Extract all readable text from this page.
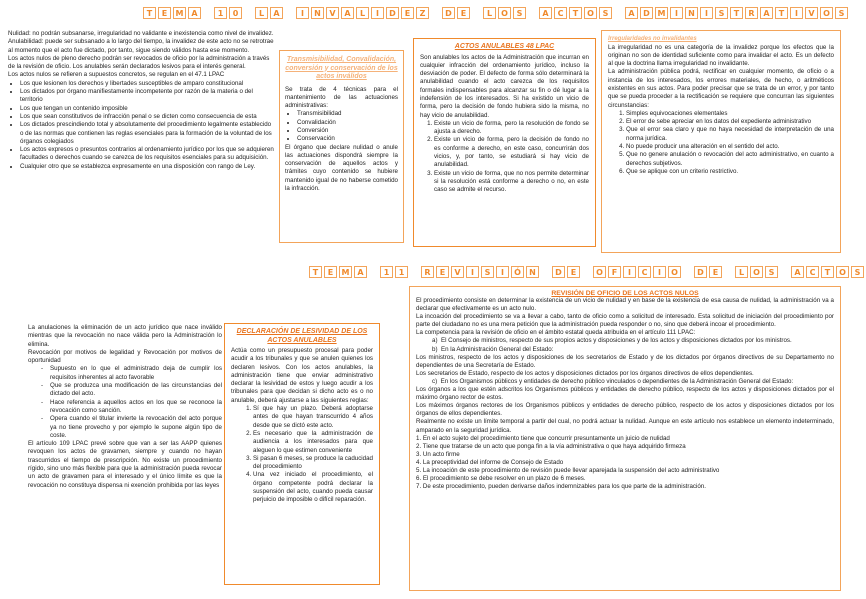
T	E	M A	1	0	L	A	I	N	V	A	L	I	D	E	Z	D	E	L	O	S	A	C	T	O	S	A	D M	I	N	I	S	T	R	A	T	I	V	O	S
T	E	M A	1	1	R	E	V	I	S	I	Ó	N	D	E	O	F	I	C	I	O	D	E	L	O	S	A	C	T	O	S

Nulidad: no podrán subsanarse, irregularidad no validante e inexistencia como nivel de invalidez.

Anulabilidad: puede ser subsanado a lo largo del tiempo, la invalidez de este acto no se retrotrae al momento que el acto fue dictado, por tanto, sigue siendo válidos hasta ese momento.

Los actos nulos de pleno derecho podrán ser revocados de oficio por la administración a través de la revisión de oficio. Los anulables serán declarados lesivos para el interés general.

Los actos nulos se refieren a supuestos concretos, se regulan en el 47.1 LPAC

• Los que lesionen los derechos y libertades susceptibles de amparo constitucional
• Los dictados por órgano manifiestamente incompetente por razón de la materia o del territorio
• Los que tengan un contenido imposible
• Los que sean constitutivos de infracción penal o se dicten como consecuencia de esta
• Los dictados prescindiendo total y absolutamente del procedimiento legalmente establecido o de las normas que contienen las reglas esenciales para la formación de la voluntad de los órganos colegiados
• Los actos expresos o presuntos contrarios al ordenamiento jurídico por los que se adquieren facultades o derechos cuando se carezca de los requisitos esenciales para su adquisición.
• Cualquier otro que se establezca expresamente en una disposición con rango de Ley.
Transmisibilidad, Convalidación, conversión y conservación de los actos inválidos

Se trata de 4 técnicas para el mantenimiento de las actuaciones administrativas:

• Transmisibilidad
• Convalidación
• Conversión
• Conservación

El órgano que declare nulidad o anule las actuaciones dispondrá siempre la conservación de aquellos actos y trámites cuyo contenido se hubiere mantenido igual de no haberse cometido la infracción.

ACTOS ANULABLES 48 LPAC

Son anulables los actos de la Administración que incurran en cualquier infracción del ordenamiento jurídico, incluso la desviación de poder. El defecto de forma sólo determinará la anulabilidad cuando el acto carezca de los requisitos formales indispensables para alcanzar su fin o dé lugar a la indefensión de los interesados. Si ha existido un vicio de forma, pero la decisión de fondo hubiera sido la misma, no hay vicio de anulabilidad.

1. Existe un vicio de forma, pero la resolución de fondo se ajusta a derecho.
2. Existe un vicio de forma, pero la decisión de fondo no es conforme a derecho, en este caso, concurrirán dos vicios, y, por tanto, se estudiará si hay vicio de anulabilidad.
3. Existe un vicio de forma, que no nos permite determinar si la resolución está conforme a derecho o no, en este caso se admite el recurso.

Irregularidades no invalidantes

La irregularidad no es una categoría de la invalidez porque los efectos que la originan no son de identidad suficiente como para invalidar el acto. Es un defecto al que la doctrina llama irregularidad no invalidante.

La administración pública podrá, rectificar en cualquier momento, de oficio o a instancia de los interesados, los errores materiales, de hecho, o aritméticos existentes en sus actos. Para poder precisar que se trata de un error, y por tanto que se pueda proceder a la rectificación se requiere que concurran las siguientes circunstancias:

1. Simples equivocaciones elementales
2. El error de sebe apreciar en los datos del expediente administrativo
3. Que el error sea claro y que no haya necesidad de interpretación de una norma jurídica.
4. No puede producir una alteración en el sentido del acto.
5. Que no genere anulación o revocación del acto administrativo, en cuanto a derechos subjetivos.
6. Que se aplique con un criterio restrictivo.

La anulaciones la eliminación de un acto jurídico que nace inválido mientras que la revocación no nace válida pero la Administración lo elimina.

Revocación por motivos de legalidad y Revocación por motivos de oportunidad

- Supuesto en lo que el administrado deja de cumplir los requisitos inherentes al acto favorable
- Que se produzca una modificación de las circunstancias del dictado del acto.
- Hace referencia a aquellos actos en los que se reconoce la revocación como sanción.
- Opera cuando el titular invierte la revocación del acto porque ya no tiene provecho y por ejemplo le supone algún tipo de coste.

El artículo 109 LPAC prevé sobre que van a ser las AAPP quienes revoquen los actos de gravamen, siempre y cuando no hayan trascurridos el tiempo de prescripción. No existe un procedimiento rígido, sino uno más flexible para que la administración pueda revocar un acto de gravamen para el interesado y el único límite es que la revocación no constituya dispensa ni exención prohibida por las leyes

DECLARACIÓN DE LESIVIDAD DE LOS ACTOS ANULABLES

Actúa como un presupuesto procesal para poder acudir a los tribunales y que se anulen quienes los declaren lesivos. Con los actos anulables, la administración tiene que enviar administrativo declarar la lesividad de estos y luego acudir a los tribunales para que decidan si dicho acto es o no anulable, deberá ajustarse a las siguientes reglas:

1. Sí que hay un plazo. Deberá adoptarse antes de que hayan transcurrido 4 años desde que se dictó este acto.
2. Es necesario que la administración de audiencia a los interesados para que aleguen lo que estimen conveniente
3. Si pasan 6 meses, se produce la caducidad del procedimiento
4. Una vez iniciado el procedimiento, el órgano competente podrá declarar la suspensión del acto, cuando pueda causar perjuicio de imposible o difícil reparación.
REVISIÓN DE OFICIO DE LOS ACTOS NULOS

El procedimiento consiste en determinar la existencia de un vicio de nulidad y en base de la existencia de esa causa de nulidad, la administración va a declarar que efectivamente es un acto nulo.

La incoación del procedimiento se va a llevar a cabo, tanto de oficio como a solicitud de interesado. Esta solicitud de iniciación del procedimiento por parte del ciudadano no es una mera petición que la administración pueda responder o no, sino que deberá incoar el procedimiento.

La competencia para la revisión de oficio en el ámbito estatal queda atribuida en el artículo 111 LPAC:

a)  El Consejo de ministros, respecto de sus propios actos y disposiciones y de los actos y disposiciones dictados por los ministros.

b)  En la Administración General del Estado:

Los ministros, respecto de los actos y disposiciones de los secretarios de Estado y de los dictados por órganos directivos de su Departamento no dependientes de una Secretaría de Estado.

Los secretarios de Estado, respecto de los actos y disposiciones dictados por los órganos directivos de ellos dependientes.

c)  En los Organismos públicos y entidades de derecho público vinculados o dependientes de la Administración General del Estado:

Los órganos a los que estén adscritos los Organismos públicos y entidades de derecho público, respecto de los actos y disposiciones dictados por el máximo órgano rector de estos.

Los máximos órganos rectores de los Organismos públicos y entidades de derecho público, respecto de los actos y disposiciones dictados por los órganos de ellos dependientes.

Realmente no existe un límite temporal a partir del cual, no podrá actuar la nulidad. Aunque en este artículo nos establece un elemento indeterminado, amparado en la seguridad jurídica.

1. En el acto sujeto del procedimiento tiene que concurrir presuntamente un juicio de nulidad

2. Tiene que tratarse de un acto que ponga fin a la vía administrativa o que haya adquirido firmeza

3. Un acto firme

4. La preceptividad del informe de Consejo de Estado

5. La incoación de este procedimiento de revisión puede llevar aparejada la suspensión del acto administrativo

6. El procedimiento se debe resolver en un plazo de 6 meses.

7. De este procedimiento, pueden derivarse daños indemnizables para los que parte de la administración.
